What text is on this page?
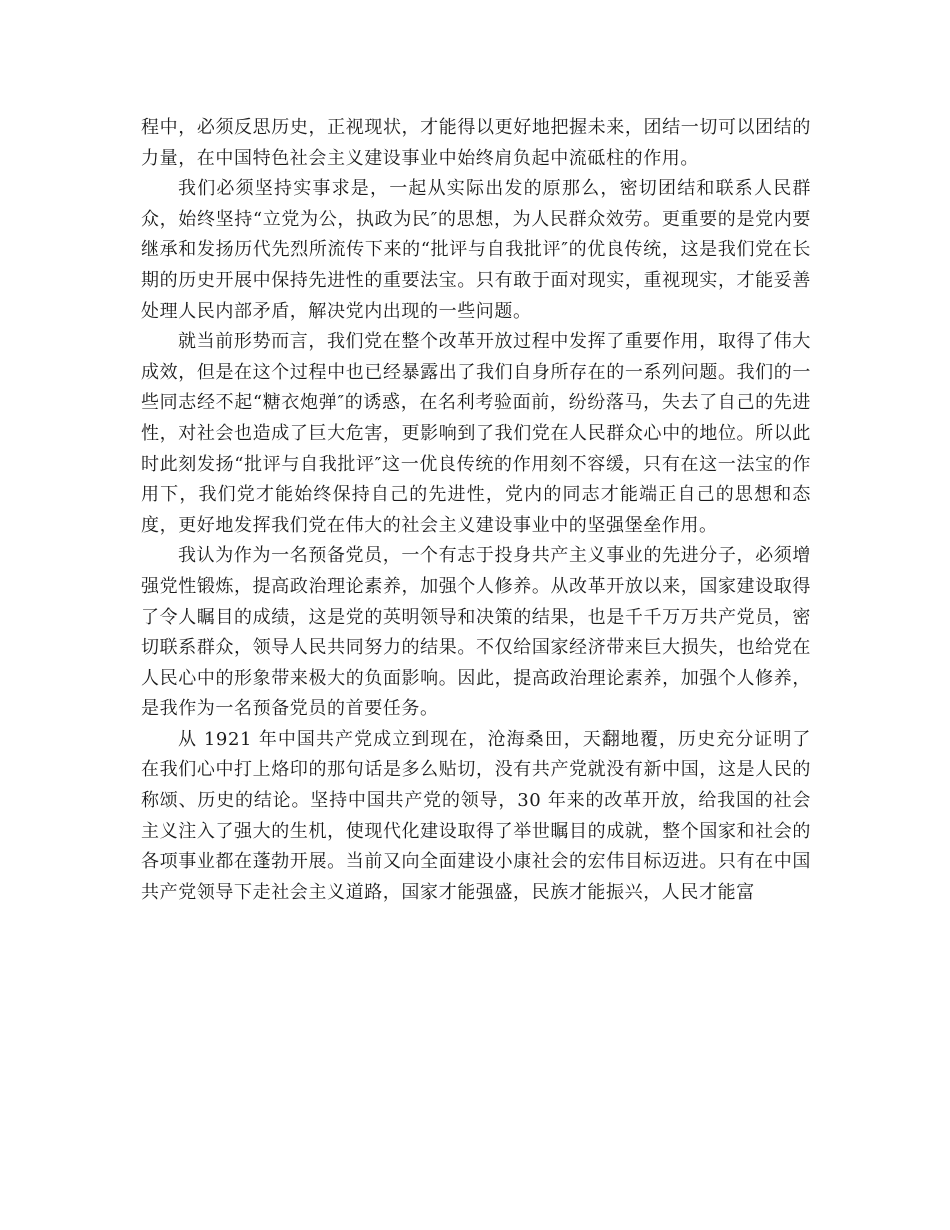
程中，必须反思历史，正视现状，才能得以更好地把握未来，团结一切可以团结的力量，在中国特色社会主义建设事业中始终肩负起中流砥柱的作用。

我们必须坚持实事求是，一起从实际出发的原那么，密切团结和联系人民群众，始终坚持“立党为公，执政为民″的思想，为人民群众效劳。更重要的是党内要继承和发扬历代先烈所流传下来的“批评与自我批评″的优良传统，这是我们党在长期的历史开展中保持先进性的重要法宝。只有敢于面对现实，重视现实，才能妥善处理人民内部矛盾，解决党内出现的一些问题。

就当前形势而言，我们党在整个改革开放过程中发挥了重要作用，取得了伟大成效，但是在这个过程中也已经暴露出了我们自身所存在的一系列问题。我们的一些同志经不起“糖衣炮弹″的诱惑，在名利考验面前，纷纷落马，失去了自己的先进性，对社会也造成了巨大危害，更影响到了我们党在人民群众心中的地位。所以此时此刻发扬“批评与自我批评″这一优良传统的作用刻不容缓，只有在这一法宝的作用下，我们党才能始终保持自己的先进性，党内的同志才能端正自己的思想和态度，更好地发挥我们党在伟大的社会主义建设事业中的坚强堡垒作用。

我认为作为一名预备党员，一个有志于投身共产主义事业的先进分子，必须增强党性锻炼，提高政治理论素养，加强个人修养。从改革开放以来，国家建设取得了令人瞩目的成绩，这是党的英明领导和决策的结果，也是千千万万共产党员，密切联系群众，领导人民共同努力的结果。不仅给国家经济带来巨大损失，也给党在人民心中的形象带来极大的负面影响。因此，提高政治理论素养，加强个人修养，是我作为一名预备党员的首要任务。

从 1921 年中国共产党成立到现在，沧海桑田，天翻地覆，历史充分证明了在我们心中打上烙印的那句话是多么贴切，没有共产党就没有新中国，这是人民的称颂、历史的结论。坚持中国共产党的领导，30 年来的改革开放，给我国的社会主义注入了强大的生机，使现代化建设取得了举世瞩目的成就，整个国家和社会的各项事业都在蓬勃开展。当前又向全面建设小康社会的宏伟目标迈进。只有在中国共产党领导下走社会主义道路，国家才能强盛，民族才能振兴，人民才能富
